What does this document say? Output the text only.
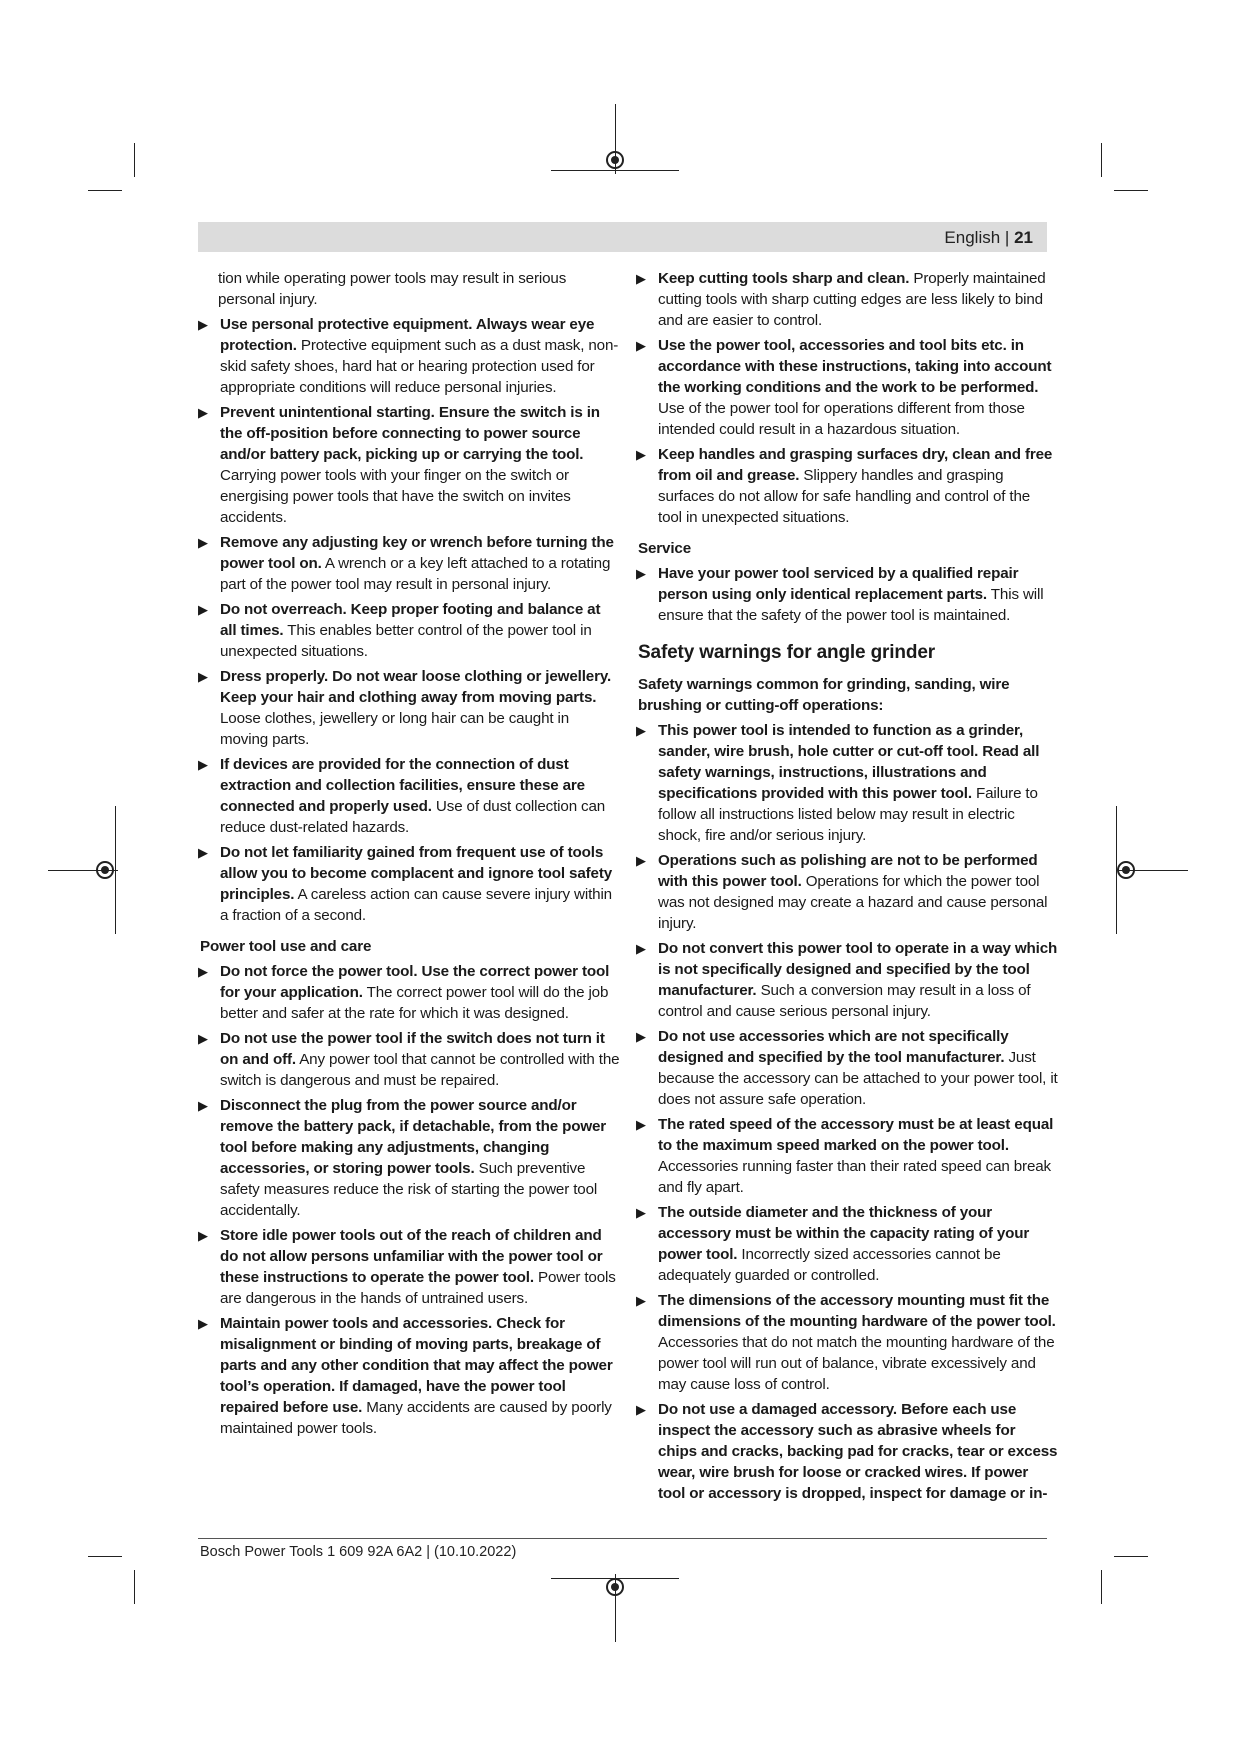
English | 21

tion while operating power tools may result in serious personal injury.

▶ Use personal protective equipment. Always wear eye protection. Protective equipment such as a dust mask, non-skid safety shoes, hard hat or hearing protection used for appropriate conditions will reduce personal injuries.
▶ Prevent unintentional starting. Ensure the switch is in the off-position before connecting to power source and/or battery pack, picking up or carrying the tool. Carrying power tools with your finger on the switch or energising power tools that have the switch on invites accidents.
▶ Remove any adjusting key or wrench before turning the power tool on. A wrench or a key left attached to a rotating part of the power tool may result in personal injury.
▶ Do not overreach. Keep proper footing and balance at all times. This enables better control of the power tool in unexpected situations.
▶ Dress properly. Do not wear loose clothing or jewellery. Keep your hair and clothing away from moving parts. Loose clothes, jewellery or long hair can be caught in moving parts.
▶ If devices are provided for the connection of dust extraction and collection facilities, ensure these are connected and properly used. Use of dust collection can reduce dust-related hazards.
▶ Do not let familiarity gained from frequent use of tools allow you to become complacent and ignore tool safety principles. A careless action can cause severe injury within a fraction of a second.
Power tool use and care
▶ Do not force the power tool. Use the correct power tool for your application. The correct power tool will do the job better and safer at the rate for which it was designed.
▶ Do not use the power tool if the switch does not turn it on and off. Any power tool that cannot be controlled with the switch is dangerous and must be repaired.
▶ Disconnect the plug from the power source and/or remove the battery pack, if detachable, from the power tool before making any adjustments, changing accessories, or storing power tools. Such preventive safety measures reduce the risk of starting the power tool accidentally.
▶ Store idle power tools out of the reach of children and do not allow persons unfamiliar with the power tool or these instructions to operate the power tool. Power tools are dangerous in the hands of untrained users.
▶ Maintain power tools and accessories. Check for misalignment or binding of moving parts, breakage of parts and any other condition that may affect the power tool’s operation. If damaged, have the power tool repaired before use. Many accidents are caused by poorly maintained power tools.
▶ Keep cutting tools sharp and clean. Properly maintained cutting tools with sharp cutting edges are less likely to bind and are easier to control.
▶ Use the power tool, accessories and tool bits etc. in accordance with these instructions, taking into account the working conditions and the work to be performed. Use of the power tool for operations different from those intended could result in a hazardous situation.
▶ Keep handles and grasping surfaces dry, clean and free from oil and grease. Slippery handles and grasping surfaces do not allow for safe handling and control of the tool in unexpected situations.
Service
▶ Have your power tool serviced by a qualified repair person using only identical replacement parts. This will ensure that the safety of the power tool is maintained.
Safety warnings for angle grinder
Safety warnings common for grinding, sanding, wire brushing or cutting-off operations:
▶ This power tool is intended to function as a grinder, sander, wire brush, hole cutter or cut-off tool. Read all safety warnings, instructions, illustrations and specifications provided with this power tool. Failure to follow all instructions listed below may result in electric shock, fire and/or serious injury.
▶ Operations such as polishing are not to be performed with this power tool. Operations for which the power tool was not designed may create a hazard and cause personal injury.
▶ Do not convert this power tool to operate in a way which is not specifically designed and specified by the tool manufacturer. Such a conversion may result in a loss of control and cause serious personal injury.
▶ Do not use accessories which are not specifically designed and specified by the tool manufacturer. Just because the accessory can be attached to your power tool, it does not assure safe operation.
▶ The rated speed of the accessory must be at least equal to the maximum speed marked on the power tool. Accessories running faster than their rated speed can break and fly apart.
▶ The outside diameter and the thickness of your accessory must be within the capacity rating of your power tool. Incorrectly sized accessories cannot be adequately guarded or controlled.
▶ The dimensions of the accessory mounting must fit the dimensions of the mounting hardware of the power tool. Accessories that do not match the mounting hardware of the power tool will run out of balance, vibrate excessively and may cause loss of control.
▶ Do not use a damaged accessory. Before each use inspect the accessory such as abrasive wheels for chips and cracks, backing pad for cracks, tear or excess wear, wire brush for loose or cracked wires. If power tool or accessory is dropped, inspect for damage or in-
Bosch Power Tools 1 609 92A 6A2 | (10.10.2022)
